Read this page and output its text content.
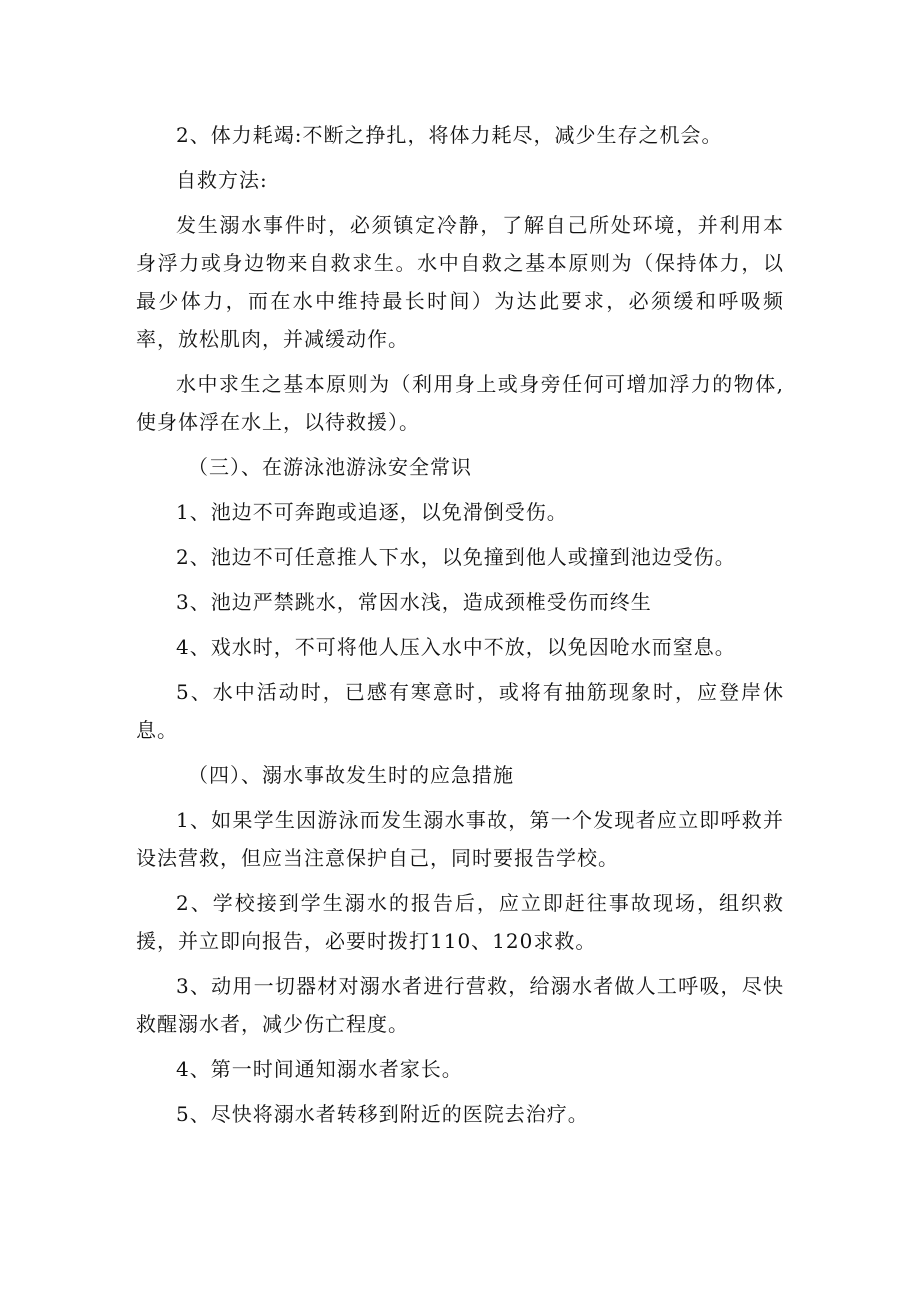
2、体力耗竭:不断之挣扎，将体力耗尽，减少生存之机会。

自救方法:

发生溺水事件时，必须镇定冷静，了解自己所处环境，并利用本身浮力或身边物来自救求生。水中自救之基本原则为（保持体力，以最少体力，而在水中维持最长时间）为达此要求，必须缓和呼吸频率，放松肌肉，并减缓动作。

水中求生之基本原则为（利用身上或身旁任何可增加浮力的物体,使身体浮在水上，以待救援）。

（三）、在游泳池游泳安全常识

1、池边不可奔跑或追逐，以免滑倒受伤。

2、池边不可任意推人下水，以免撞到他人或撞到池边受伤。

3、池边严禁跳水，常因水浅，造成颈椎受伤而终生

4、戏水时，不可将他人压入水中不放，以免因呛水而窒息。

5、水中活动时，已感有寒意时，或将有抽筋现象时，应登岸休息。

（四）、溺水事故发生时的应急措施

1、如果学生因游泳而发生溺水事故，第一个发现者应立即呼救并设法营救，但应当注意保护自己，同时要报告学校。

2、学校接到学生溺水的报告后，应立即赶往事故现场，组织救援，并立即向报告，必要时拨打110、120求救。

3、动用一切器材对溺水者进行营救，给溺水者做人工呼吸，尽快救醒溺水者，减少伤亡程度。

4、第一时间通知溺水者家长。

5、尽快将溺水者转移到附近的医院去治疗。
